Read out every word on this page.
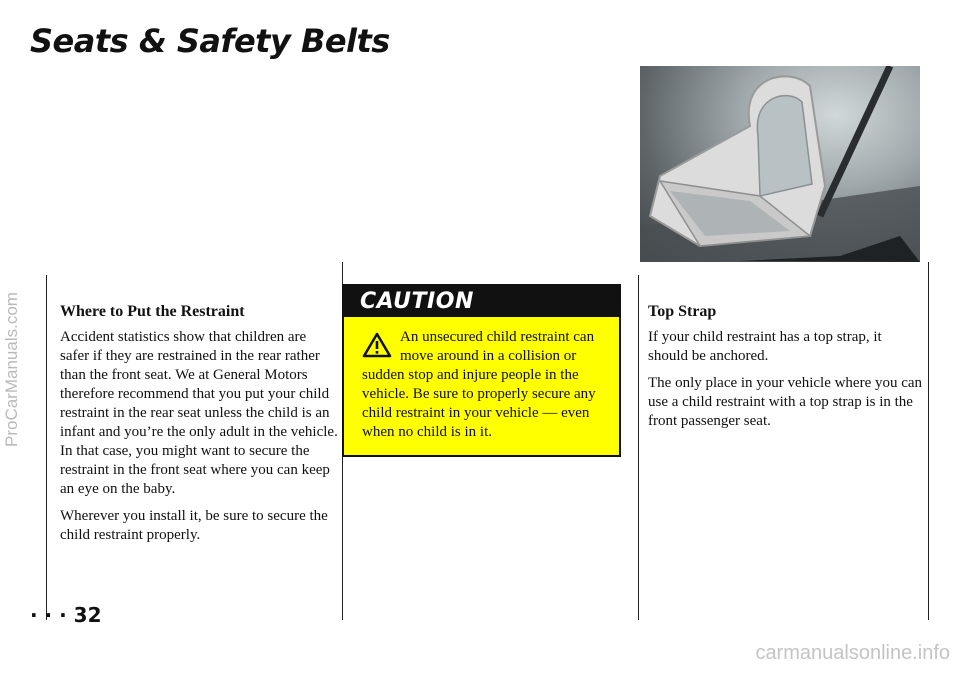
Seats & Safety Belts
ProCarManuals.com	Where to Put the Restraint

Accident statistics show that children are safer if they are restrained in the rear rather than the front seat. We at General Motors therefore recommend that you put your child restraint in the rear seat unless the child is an infant and you’re the only adult in the vehicle. In that case, you might want to secure the restraint in the front seat where you can keep an eye on the baby.

Wherever you install it, be sure to secure the child restraint properly.

CAUTION
An unsecured child restraint can move around in a collision or sudden stop and injure people in the vehicle. Be sure to properly secure any child restraint in your vehicle — even when no child is in it.
Top Strap

If your child restraint has a top strap, it should be anchored.

The only place in your vehicle where you can use a child restraint with a top strap is in the front passenger seat.

· · · 32
carmanualsonline.info
